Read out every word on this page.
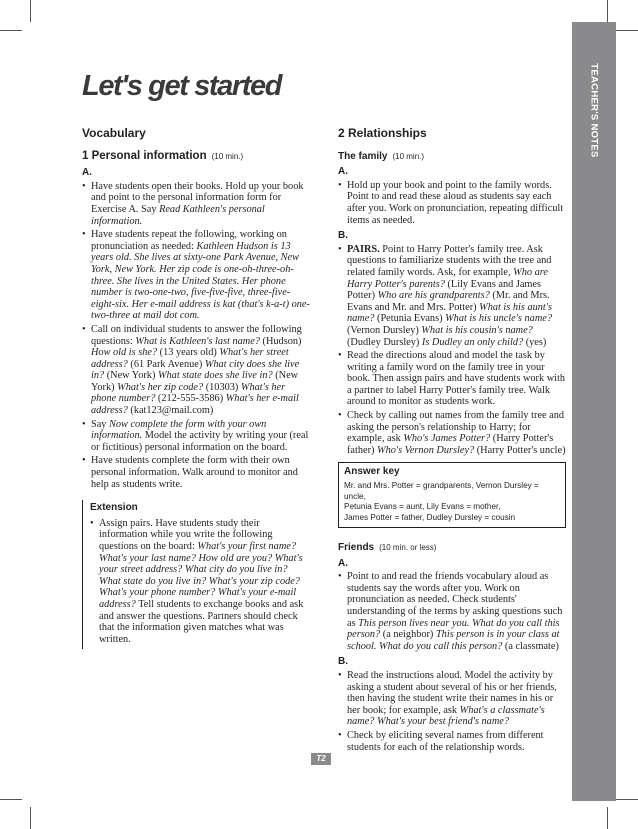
TEACHER'S NOTES
Let's get started
Vocabulary
1 Personal information (10 min.)
A.
• Have students open their books. Hold up your book and point to the personal information form for Exercise A. Say Read Kathleen's personal information.
• Have students repeat the following, working on pronunciation as needed: Kathleen Hudson is 13 years old. She lives at sixty-one Park Avenue, New York, New York. Her zip code is one-oh-three-oh-three. She lives in the United States. Her phone number is two-one-two, five-five-five, three-five-eight-six. Her e-mail address is kat (that's k-a-t) one-two-three at mail dot com.
• Call on individual students to answer the following questions: What is Kathleen's last name? (Hudson) How old is she? (13 years old) What's her street address? (61 Park Avenue) What city does she live in? (New York) What state does she live in? (New York) What's her zip code? (10303) What's her phone number? (212-555-3586) What's her e-mail address? (kat123@mail.com)
• Say Now complete the form with your own information. Model the activity by writing your (real or fictitious) personal information on the board.
• Have students complete the form with their own personal information. Walk around to monitor and help as students write.
Extension
• Assign pairs. Have students study their information while you write the following questions on the board: What's your first name? What's your last name? How old are you? What's your street address? What city do you live in? What state do you live in? What's your zip code? What's your phone number? What's your e-mail address? Tell students to exchange books and ask and answer the questions. Partners should check that the information given matches what was written.
2 Relationships
The family (10 min.)
A.
• Hold up your book and point to the family words. Point to and read these aloud as students say each after you. Work on pronunciation, repeating difficult items as needed.
B.
• PAIRS. Point to Harry Potter's family tree. Ask questions to familiarize students with the tree and related family words. Ask, for example, Who are Harry Potter's parents? (Lily Evans and James Potter) Who are his grandparents? (Mr. and Mrs. Evans and Mr. and Mrs. Potter) What is his aunt's name? (Petunia Evans) What is his uncle's name? (Vernon Dursley) What is his cousin's name? (Dudley Dursley) Is Dudley an only child? (yes)
• Read the directions aloud and model the task by writing a family word on the family tree in your book. Then assign pairs and have students work with a partner to label Harry Potter's family tree. Walk around to monitor as students work.
• Check by calling out names from the family tree and asking the person's relationship to Harry; for example, ask Who's James Potter? (Harry Potter's father) Who's Vernon Dursley? (Harry Potter's uncle)
Answer key
Mr. and Mrs. Potter = grandparents, Vernon Dursley = uncle,
Petunia Evans = aunt, Lily Evans = mother,
James Potter = father, Dudley Dursley = cousin
Friends (10 min. or less)
A.
• Point to and read the friends vocabulary aloud as students say the words after you. Work on pronunciation as needed. Check students' understanding of the terms by asking questions such as This person lives near you. What do you call this person? (a neighbor) This person is in your class at school. What do you call this person? (a classmate)
B.
• Read the instructions aloud. Model the activity by asking a student about several of his or her friends, then having the student write their names in his or her book; for example, ask What's a classmate's name? What's your best friend's name?
• Check by eliciting several names from different students for each of the relationship words.
T2
